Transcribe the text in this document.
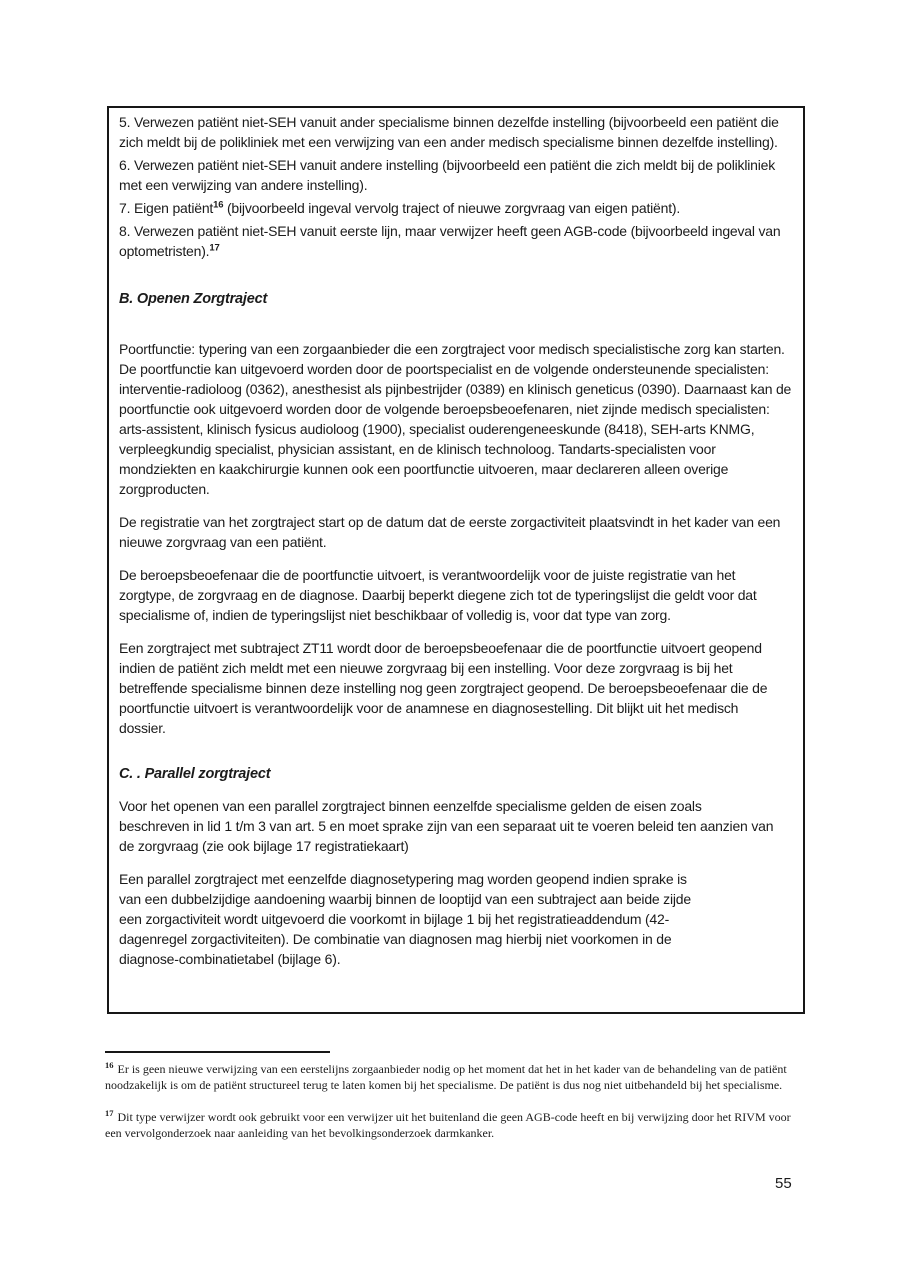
5. Verwezen patiënt niet-SEH vanuit ander specialisme binnen dezelfde instelling (bijvoorbeeld een patiënt die zich meldt bij de polikliniek met een verwijzing van een ander medisch specialisme binnen dezelfde instelling).

6. Verwezen patiënt niet-SEH vanuit andere instelling (bijvoorbeeld een patiënt die zich meldt bij de polikliniek met een verwijzing van andere instelling).

7. Eigen patiënt$^{16}$ (bijvoorbeeld ingeval vervolg traject of nieuwe zorgvraag van eigen patiënt).

8. Verwezen patiënt niet-SEH vanuit eerste lijn, maar verwijzer heeft geen AGB-code (bijvoorbeeld ingeval van optometristen).$^{17}$

B. Openen Zorgtraject

Poortfunctie: typering van een zorgaanbieder die een zorgtraject voor medisch specialistische zorg kan starten. De poortfunctie kan uitgevoerd worden door de poortspecialist en de volgende ondersteunende specialisten: interventie-radioloog (0362), anesthesist als pijnbestrijder (0389) en klinisch geneticus (0390). Daarnaast kan de poortfunctie ook uitgevoerd worden door de volgende beroepsbeoefenaren, niet zijnde medisch specialisten: arts-assistent, klinisch fysicus audioloog (1900), specialist ouderengeneeskunde (8418), SEH-arts KNMG, verpleegkundig specialist, physician assistant, en de klinisch technoloog. Tandarts-specialisten voor mondziekten en kaakchirurgie kunnen ook een poortfunctie uitvoeren, maar declareren alleen overige zorgproducten.

De registratie van het zorgtraject start op de datum dat de eerste zorgactiviteit plaatsvindt in het kader van een nieuwe zorgvraag van een patiënt.

De beroepsbeoefenaar die de poortfunctie uitvoert, is verantwoordelijk voor de juiste registratie van het zorgtype, de zorgvraag en de diagnose. Daarbij beperkt diegene zich tot de typeringslijst die geldt voor dat specialisme of, indien de typeringslijst niet beschikbaar of volledig is, voor dat type van zorg.

Een zorgtraject met subtraject ZT11 wordt door de beroepsbeoefenaar die de poortfunctie uitvoert geopend indien de patiënt zich meldt met een nieuwe zorgvraag bij een instelling. Voor deze zorgvraag is bij het betreffende specialisme binnen deze instelling nog geen zorgtraject geopend. De beroepsbeoefenaar die de poortfunctie uitvoert is verantwoordelijk voor de anamnese en diagnosestelling. Dit blijkt uit het medisch dossier.

C. . Parallel zorgtraject

Voor het openen van een parallel zorgtraject binnen eenzelfde specialisme gelden de eisen zoals beschreven in lid 1 t/m 3 van art. 5 en moet sprake zijn van een separaat uit te voeren beleid ten aanzien van de zorgvraag (zie ook bijlage 17 registratiekaart)

Een parallel zorgtraject met eenzelfde diagnosetypering mag worden geopend indien sprake is van een dubbelzijdige aandoening waarbij binnen de looptijd van een subtraject aan beide zijde een zorgactiviteit wordt uitgevoerd die voorkomt in bijlage 1 bij het registratieaddendum (42-dagenregel zorgactiviteiten). De combinatie van diagnosen mag hierbij niet voorkomen in de diagnose-combinatietabel (bijlage 6).

$^{16}$ Er is geen nieuwe verwijzing van een eerstelijns zorgaanbieder nodig op het moment dat het in het kader van de behandeling van de patiënt noodzakelijk is om de patiënt structureel terug te laten komen bij het specialisme. De patiënt is dus nog niet uitbehandeld bij het specialisme.

$^{17}$ Dit type verwijzer wordt ook gebruikt voor een verwijzer uit het buitenland die geen AGB-code heeft en bij verwijzing door het RIVM voor een vervolgonderzoek naar aanleiding van het bevolkingsonderzoek darmkanker.

55
